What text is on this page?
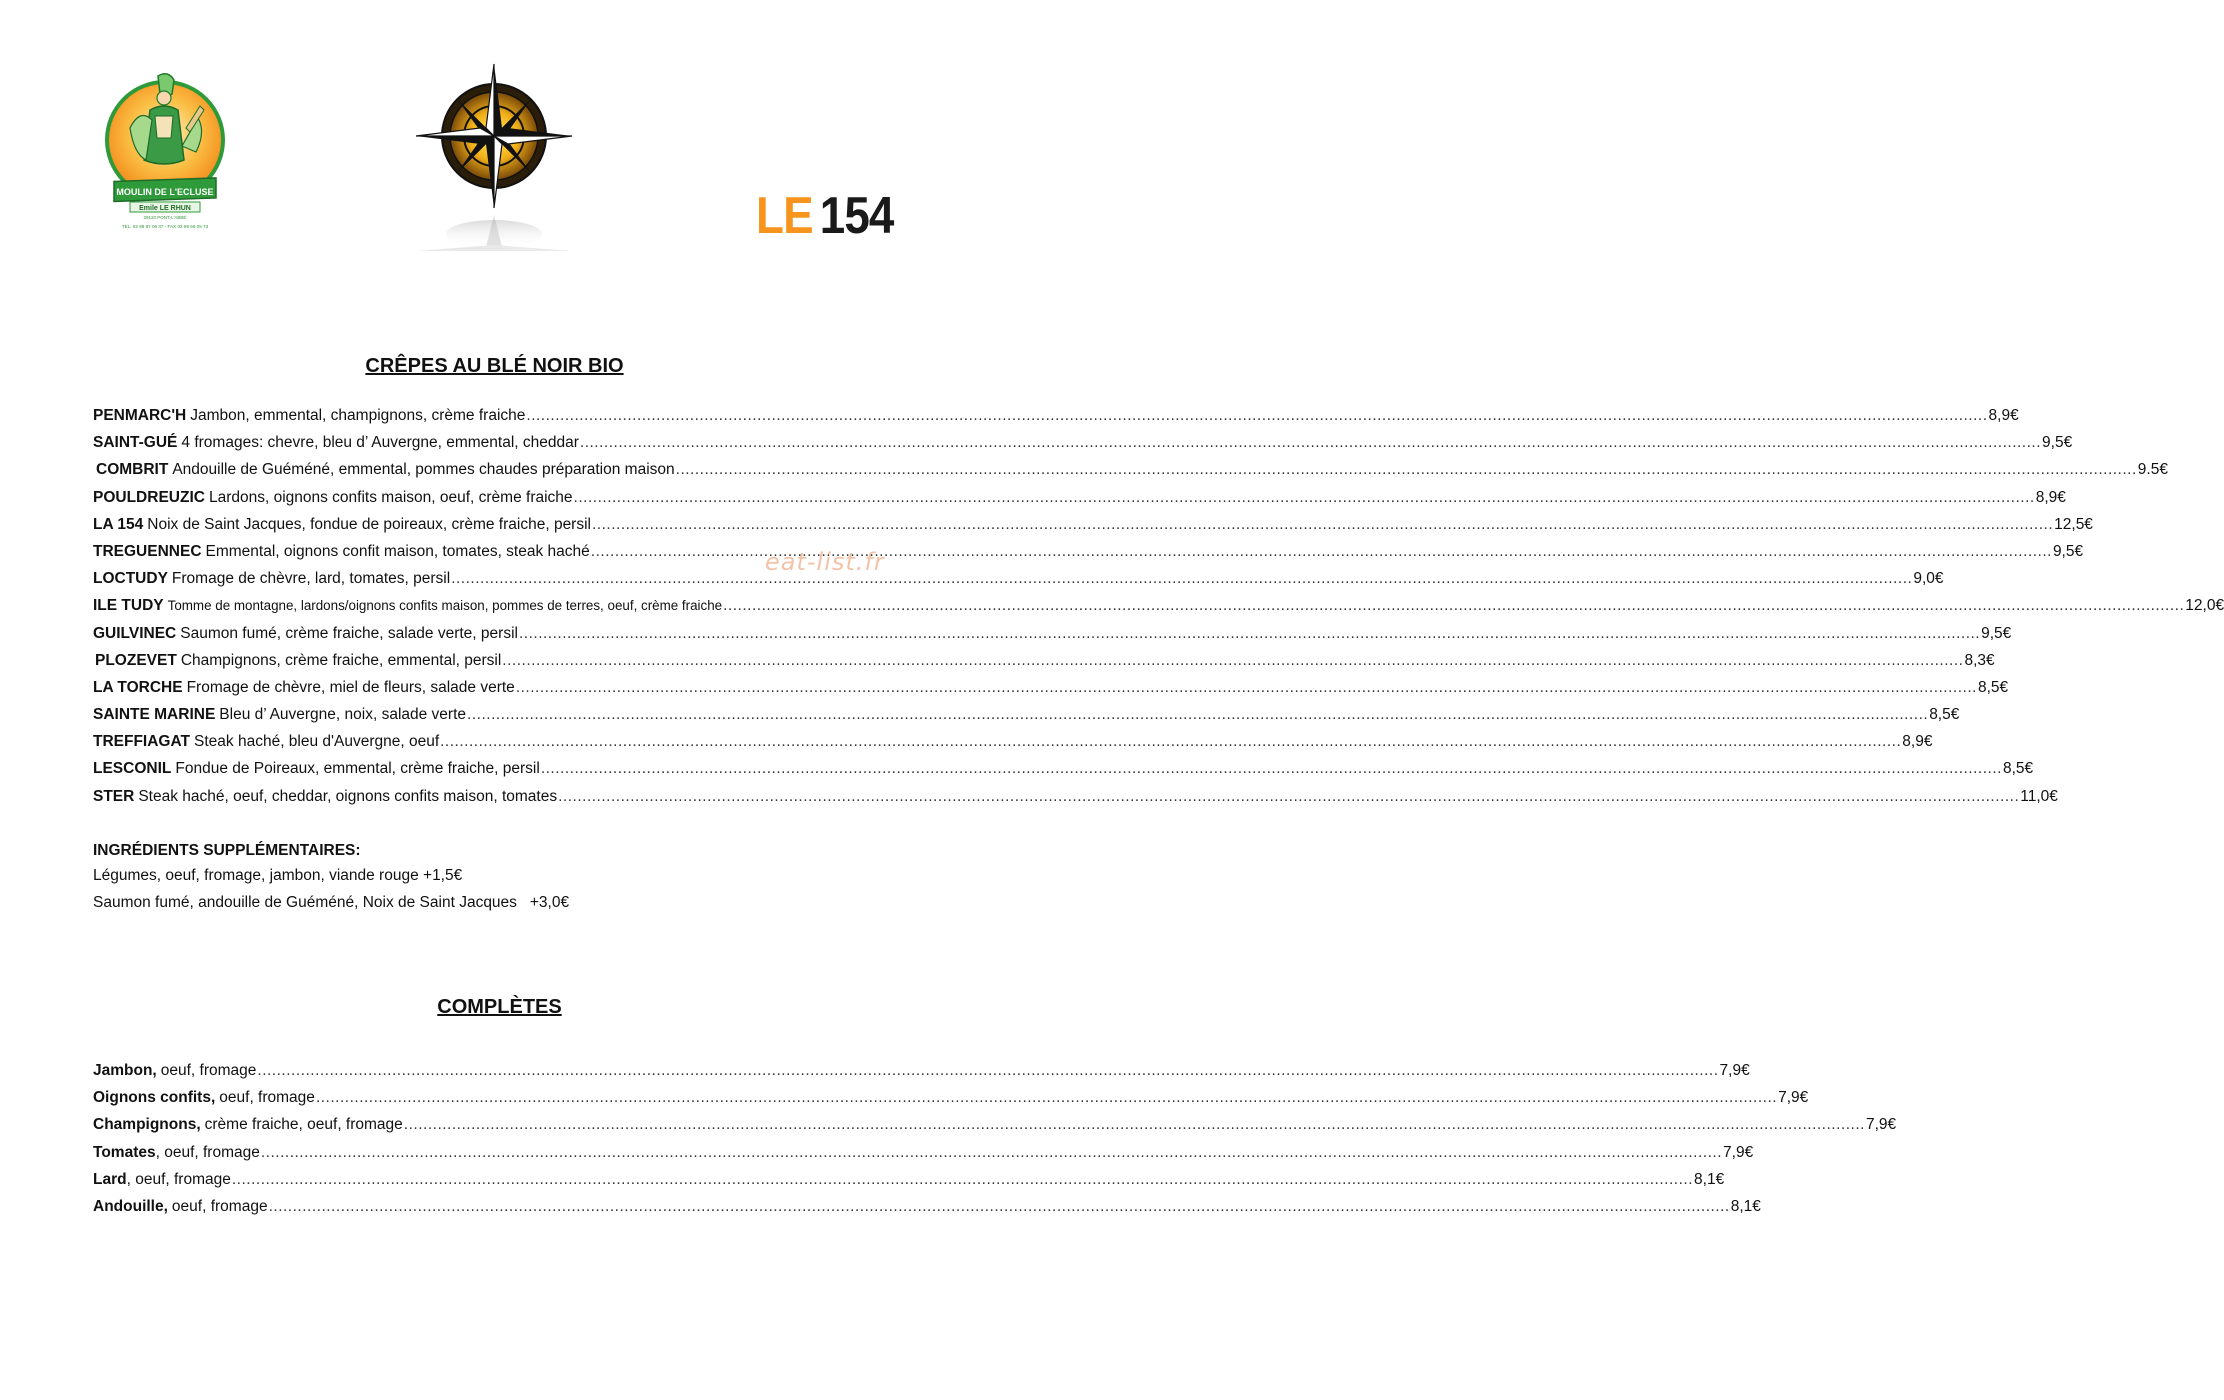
MOULIN DE L'ECLUSE
Emile LE RHUN
29120 PONT-L'ABBÉ
TEL. 02 98 87 06 37 - FAX 02 98 66 05 73	LE 154
eat-list.fr
CRÊPES AU BLÉ NOIR BIO
PENMARC'H Jambon, emmental, champignons, crème fraiche .....	8,9€
SAINT-GUÉ 4 fromages: chevre, bleu d’ Auvergne, emmental, cheddar .....	9,5€
COMBRIT Andouille de Guéméné, emmental, pommes chaudes préparation maison .....	9.5€
POULDREUZIC Lardons, oignons confits maison, oeuf, crème fraiche .....	8,9€
LA 154 Noix de Saint Jacques, fondue de poireaux, crème fraiche, persil .....	12,5€
TREGUENNEC Emmental, oignons confit maison, tomates, steak haché .....	9,5€
LOCTUDY Fromage de chèvre, lard, tomates, persil .....	9,0€
ILE TUDY Tomme de montagne, lardons/oignons confits maison, pommes de terres, oeuf, crème fraiche .....	12,0€
GUILVINEC Saumon fumé, crème fraiche, salade verte, persil .....	9,5€
PLOZEVET Champignons, crème fraiche, emmental, persil .....	8,3€
LA TORCHE Fromage de chèvre, miel de fleurs, salade verte .....	8,5€
SAINTE MARINE Bleu d’ Auvergne, noix, salade verte .....	8,5€
TREFFIAGAT Steak haché, bleu d'Auvergne, oeuf .....	8,9€
LESCONIL Fondue de Poireaux, emmental, crème fraiche, persil .....	8,5€
STER Steak haché, oeuf, cheddar, oignons confits maison, tomates .....	11,0€
INGRÉDIENTS SUPPLÉMENTAIRES:
Légumes, oeuf, fromage, jambon, viande rouge +1,5€
Saumon fumé, andouille de Guéméné, Noix de Saint Jacques   +3,0€
COMPLÈTES
Jambon, oeuf, fromage .....	7,9€
Oignons confits, oeuf, fromage .....	7,9€
Champignons, crème fraiche, oeuf, fromage .....	7,9€
Tomates , oeuf, fromage .....	7,9€
Lard , oeuf, fromage .....	8,1€
Andouille, oeuf, fromage .....	8,1€
